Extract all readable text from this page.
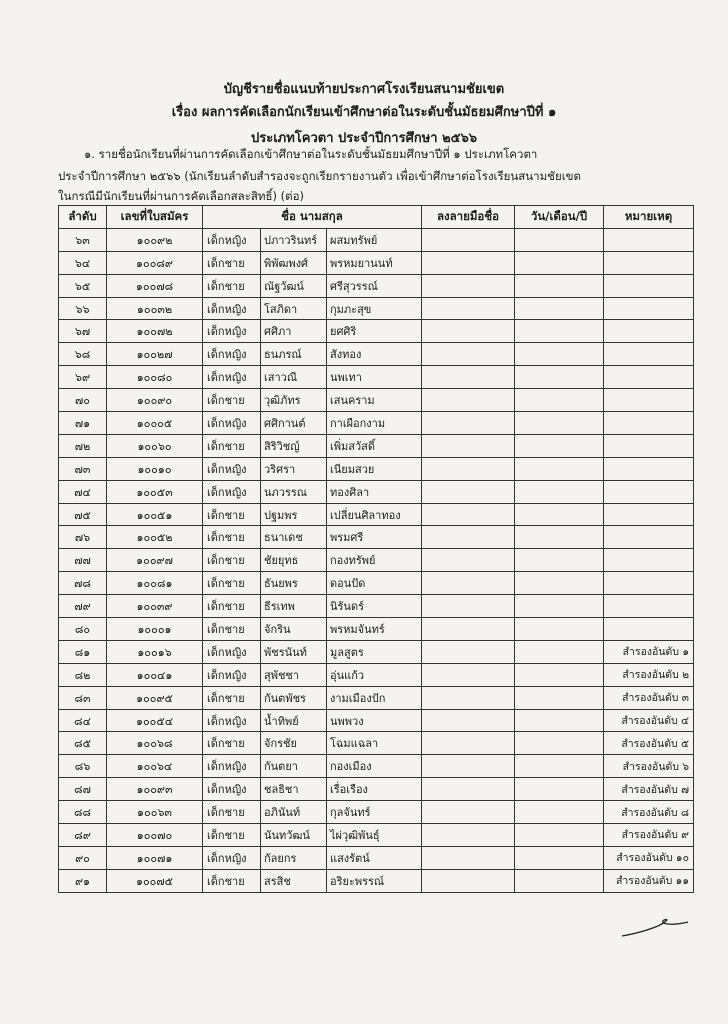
บัญชีรายชื่อแนบท้ายประกาศโรงเรียนสนามชัยเขต
เรื่อง ผลการคัดเลือกนักเรียนเข้าศึกษาต่อในระดับชั้นมัธยมศึกษาปีที่ ๑
ประเภทโควตา ประจำปีการศึกษา ๒๕๖๖
๑. รายชื่อนักเรียนที่ผ่านการคัดเลือกเข้าศึกษาต่อในระดับชั้นมัธยมศึกษาปีที่ ๑ ประเภทโควตา
ประจำปีการศึกษา ๒๕๖๖ (นักเรียนลำดับสำรองจะถูกเรียกรายงานตัว เพื่อเข้าศึกษาต่อโรงเรียนสนามชัยเขต
ในกรณีมีนักเรียนที่ผ่านการคัดเลือกสละสิทธิ์) (ต่อ)
ลำดับ	เลขที่ใบสมัคร	ชื่อ นามสกุล			ลงลายมือชื่อ	วัน/เดือน/ปี	หมายเหตุ
๖๓	๑๐๐๙๒	เด็กหญิง	ปภาวรินทร์	ผสมทรัพย์			
๖๔	๑๐๐๘๙	เด็กชาย	พิพัฒพงศ์	พรหมยานนท์			
๖๕	๑๐๐๗๘	เด็กชาย	ณัฐวัฒน์	ศรีสุวรรณ์			
๖๖	๑๐๐๓๒	เด็กหญิง	โสภิดา	กุมภะสุข			
๖๗	๑๐๐๗๒	เด็กหญิง	ศศิภา	ยศศิริ			
๖๘	๑๐๐๒๗	เด็กหญิง	ธนภรณ์	สังทอง			
๖๙	๑๐๐๘๐	เด็กหญิง	เสาวณี	นพเทา			
๗๐	๑๐๐๙๐	เด็กชาย	วุฒิภัทร	เสนคราม			
๗๑	๑๐๐๐๕	เด็กหญิง	ศศิกานต์	กาเผือกงาม			
๗๒	๑๐๐๖๐	เด็กชาย	สิริวิชญ์	เพิ่มสวัสดิ์			
๗๓	๑๐๐๑๐	เด็กหญิง	วริศรา	เนียมสวย			
๗๔	๑๐๐๕๓	เด็กหญิง	นภวรรณ	ทองศิลา			
๗๕	๑๐๐๕๑	เด็กชาย	ปฐมพร	เปลี่ยนศิลาทอง			
๗๖	๑๐๐๕๒	เด็กชาย	ธนาเดช	พรมศรี			
๗๗	๑๐๐๙๗	เด็กชาย	ชัยยุทธ	กองทรัพย์			
๗๘	๑๐๐๘๑	เด็กชาย	ธันยพร	ดอนปัด			
๗๙	๑๐๐๓๙	เด็กชาย	ธีรเทพ	นิรันดร์			
๘๐	๑๐๐๐๑	เด็กชาย	จักริน	พรหมจันทร์			
๘๑	๑๐๐๑๖	เด็กหญิง	พัชรนันท์	มูลสูตร			สำรองอันดับ ๑
๘๒	๑๐๐๔๑	เด็กหญิง	สุพัชชา	อุ่นแก้ว			สำรองอันดับ ๒
๘๓	๑๐๐๙๕	เด็กชาย	กันตพัชร	งามเมืองปัก			สำรองอันดับ ๓
๘๔	๑๐๐๕๔	เด็กหญิง	น้ำทิพย์	นพพวง			สำรองอันดับ ๔
๘๕	๑๐๐๖๘	เด็กชาย	จักรชัย	โฉมแฉลา			สำรองอันดับ ๕
๘๖	๑๐๐๖๔	เด็กหญิง	กันตยา	กองเมือง			สำรองอันดับ ๖
๘๗	๑๐๐๙๓	เด็กหญิง	ชลธิชา	เรื่อเรือง			สำรองอันดับ ๗
๘๘	๑๐๐๖๓	เด็กชาย	อภินันท์	กุลจันทร์			สำรองอันดับ ๘
๘๙	๑๐๐๗๐	เด็กชาย	นันทวัฒน์	ไผ่วุฒิพันธุ์			สำรองอันดับ ๙
๙๐	๑๐๐๗๑	เด็กหญิง	กัลยกร	แสงรัตน์			สำรองอันดับ ๑๐
๙๑	๑๐๐๗๕	เด็กชาย	สรสิช	อริยะพรรณ์			สำรองอันดับ ๑๑
